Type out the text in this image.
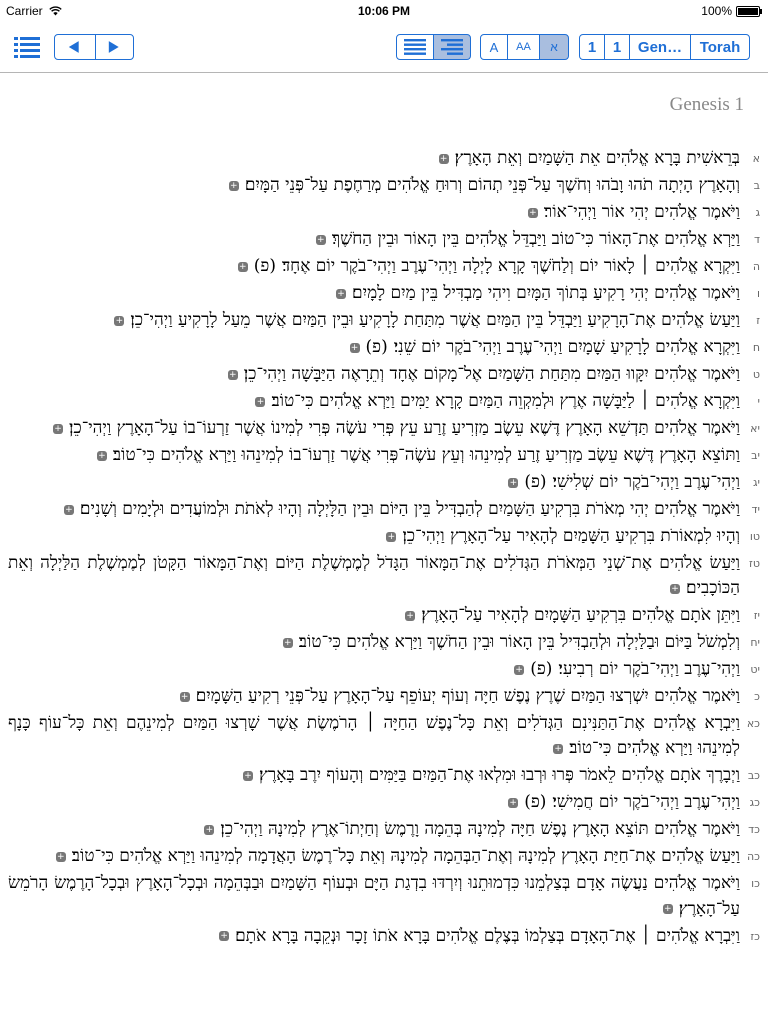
Carrier	10:06 PM	100%
A AA א 1 1 Gen… Torah
Genesis 1
א
בְּרֵאשִׁית בָּרָא אֱלֹהִים אֵת הַשָּׁמַיִם וְאֵת הָאָרֶץ׃+
ב
וְהָאָרֶץ הָיְתָה תֹהוּ וָבֹהוּ וְחֹשֶׁךְ עַל־פְּנֵי תְהוֹם וְרוּחַ אֱלֹהִים מְרַחֶפֶת עַל־פְּנֵי הַמָּיִם׃+
ג
וַיֹּאמֶר אֱלֹהִים יְהִי אוֹר וַיְהִי־אוֹר׃+
ד
וַיַּרְא אֱלֹהִים אֶת־הָאוֹר כִּי־טוֹב וַיַּבְדֵּל אֱלֹהִים בֵּין הָאוֹר וּבֵין הַחֹשֶׁךְ׃+
ה
וַיִּקְרָא אֱלֹהִים ׀ לָאוֹר יוֹם וְלַחֹשֶׁךְ קָרָא לָיְלָה וַיְהִי־עֶרֶב וַיְהִי־בֹקֶר יוֹם אֶחָד׃(פ)+
ו
וַיֹּאמֶר אֱלֹהִים יְהִי רָקִיעַ בְּתוֹךְ הַמָּיִם וִיהִי מַבְדִּיל בֵּין מַיִם לָמָיִם׃+
ז
וַיַּעַשׂ אֱלֹהִים אֶת־הָרָקִיעַ וַיַּבְדֵּל בֵּין הַמַּיִם אֲשֶׁר מִתַּחַת לָרָקִיעַ וּבֵין הַמַּיִם אֲשֶׁר מֵעַל לָרָקִיעַ וַיְהִי־כֵן׃+
ח
וַיִּקְרָא אֱלֹהִים לָרָקִיעַ שָׁמָיִם וַיְהִי־עֶרֶב וַיְהִי־בֹקֶר יוֹם שֵׁנִי׃(פ)+
ט
וַיֹּאמֶר אֱלֹהִים יִקָּווּ הַמַּיִם מִתַּחַת הַשָּׁמַיִם אֶל־מָקוֹם אֶחָד וְתֵרָאֶה הַיַּבָּשָׁה וַיְהִי־כֵן׃+
י
וַיִּקְרָא אֱלֹהִים ׀ לַיַּבָּשָׁה אֶרֶץ וּלְמִקְוֵה הַמַּיִם קָרָא יַמִּים וַיַּרְא אֱלֹהִים כִּי־טוֹב׃+
יא
וַיֹּאמֶר אֱלֹהִים תַּדְשֵׁא הָאָרֶץ דֶּשֶׁא עֵשֶׂב מַזְרִיעַ זֶרַע עֵץ פְּרִי עֹשֶׂה פְּרִי לְמִינוֹ אֲשֶׁר זַרְעוֹ־בוֹ עַל־הָאָרֶץ וַיְהִי־כֵן׃+
יב
וַתּוֹצֵא הָאָרֶץ דֶּשֶׁא עֵשֶׂב מַזְרִיעַ זֶרַע לְמִינֵהוּ וְעֵץ עֹשֶׂה־פְּרִי אֲשֶׁר זַרְעוֹ־בוֹ לְמִינֵהוּ וַיַּרְא אֱלֹהִים כִּי־טוֹב׃+
יג
וַיְהִי־עֶרֶב וַיְהִי־בֹקֶר יוֹם שְׁלִישִׁי׃(פ)+
יד
וַיֹּאמֶר אֱלֹהִים יְהִי מְאֹרֹת בִּרְקִיעַ הַשָּׁמַיִם לְהַבְדִּיל בֵּין הַיּוֹם וּבֵין הַלָּיְלָה וְהָיוּ לְאֹתֹת וּלְמוֹעֲדִים וּלְיָמִים וְשָׁנִים׃+
טו
וְהָיוּ לִמְאוֹרֹת בִּרְקִיעַ הַשָּׁמַיִם לְהָאִיר עַל־הָאָרֶץ וַיְהִי־כֵן׃+
טז
וַיַּעַשׂ אֱלֹהִים אֶת־שְׁנֵי הַמְּאֹרֹת הַגְּדֹלִים אֶת־הַמָּאוֹר הַגָּדֹל לְמֶמְשֶׁלֶת הַיּוֹם וְאֶת־הַמָּאוֹר הַקָּטֹן לְמֶמְשֶׁלֶת הַלַּיְלָה וְאֵת הַכּוֹכָבִים׃+
יז
וַיִּתֵּן אֹתָם אֱלֹהִים בִּרְקִיעַ הַשָּׁמָיִם לְהָאִיר עַל־הָאָרֶץ׃+
יח
וְלִמְשֹׁל בַּיּוֹם וּבַלַּיְלָה וּלְהַבְדִּיל בֵּין הָאוֹר וּבֵין הַחֹשֶׁךְ וַיַּרְא אֱלֹהִים כִּי־טוֹב׃+
יט
וַיְהִי־עֶרֶב וַיְהִי־בֹקֶר יוֹם רְבִיעִי׃(פ)+
כ
וַיֹּאמֶר אֱלֹהִים יִשְׁרְצוּ הַמַּיִם שֶׁרֶץ נֶפֶשׁ חַיָּה וְעוֹף יְעוֹפֵף עַל־הָאָרֶץ עַל־פְּנֵי רְקִיעַ הַשָּׁמָיִם׃+
כא
וַיִּבְרָא אֱלֹהִים אֶת־הַתַּנִּינִם הַגְּדֹלִים וְאֵת כָּל־נֶפֶשׁ הַחַיָּה ׀ הָרֹמֶשֶׂת אֲשֶׁר שָׁרְצוּ הַמַּיִם לְמִינֵהֶם וְאֵת כָּל־עוֹף כָּנָף לְמִינֵהוּ וַיַּרְא אֱלֹהִים כִּי־טוֹב׃+
כב
וַיְבָרֶךְ אֹתָם אֱלֹהִים לֵאמֹר פְּרוּ וּרְבוּ וּמִלְאוּ אֶת־הַמַּיִם בַּיַּמִּים וְהָעוֹף יִרֶב בָּאָרֶץ׃+
כג
וַיְהִי־עֶרֶב וַיְהִי־בֹקֶר יוֹם חֲמִישִׁי׃(פ)+
כד
וַיֹּאמֶר אֱלֹהִים תּוֹצֵא הָאָרֶץ נֶפֶשׁ חַיָּה לְמִינָהּ בְּהֵמָה וָרֶמֶשׂ וְחַיְתוֹ־אֶרֶץ לְמִינָהּ וַיְהִי־כֵן׃+
כה
וַיַּעַשׂ אֱלֹהִים אֶת־חַיַּת הָאָרֶץ לְמִינָהּ וְאֶת־הַבְּהֵמָה לְמִינָהּ וְאֵת כָּל־רֶמֶשׂ הָאֲדָמָה לְמִינֵהוּ וַיַּרְא אֱלֹהִים כִּי־טוֹב׃+
כו
וַיֹּאמֶר אֱלֹהִים נַעֲשֶׂה אָדָם בְּצַלְמֵנוּ כִּדְמוּתֵנוּ וְיִרְדּוּ בִדְגַת הַיָּם וּבְעוֹף הַשָּׁמַיִם וּבַבְּהֵמָה וּבְכָל־הָאָרֶץ וּבְכָל־הָרֶמֶשׂ הָרֹמֵשׂ עַל־הָאָרֶץ׃+
כז
וַיִּבְרָא אֱלֹהִים ׀ אֶת־הָאָדָם בְּצַלְמוֹ בְּצֶלֶם אֱלֹהִים בָּרָא אֹתוֹ זָכָר וּנְקֵבָה בָּרָא אֹתָם׃+
